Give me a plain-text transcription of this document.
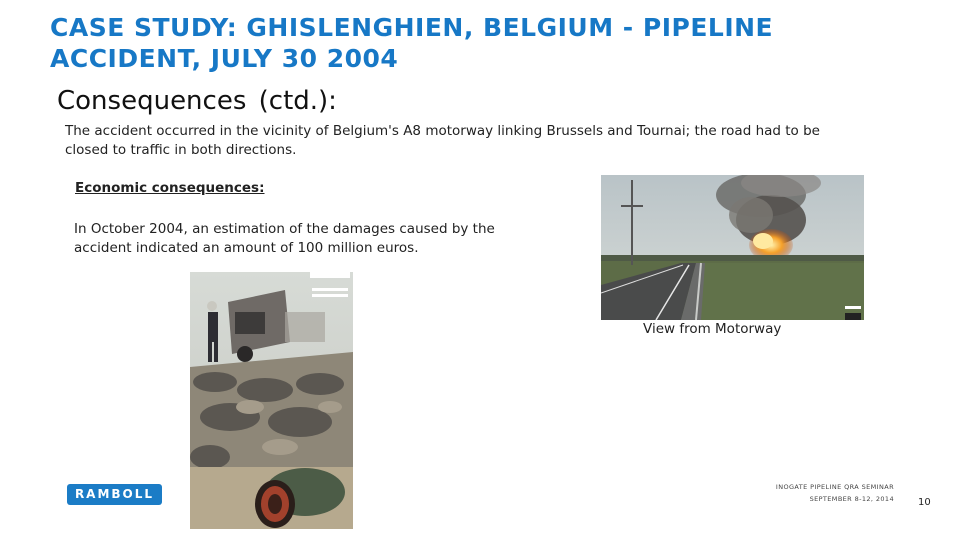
CASE STUDY: GHISLENGHIEN, BELGIUM - PIPELINE ACCIDENT, JULY 30 2004
Consequences (ctd.):
The accident occurred in the vicinity of Belgium's A8 motorway linking Brussels and Tournai; the road had to be closed to traffic in both directions.
Economic consequences:
In October 2004, an estimation of the damages caused by the accident indicated an amount of 100 million euros.
View from Motorway
RAMBOLL	INOGATE PIPELINE QRA SEMINAR
SEPTEMBER 8-12, 2014 10
